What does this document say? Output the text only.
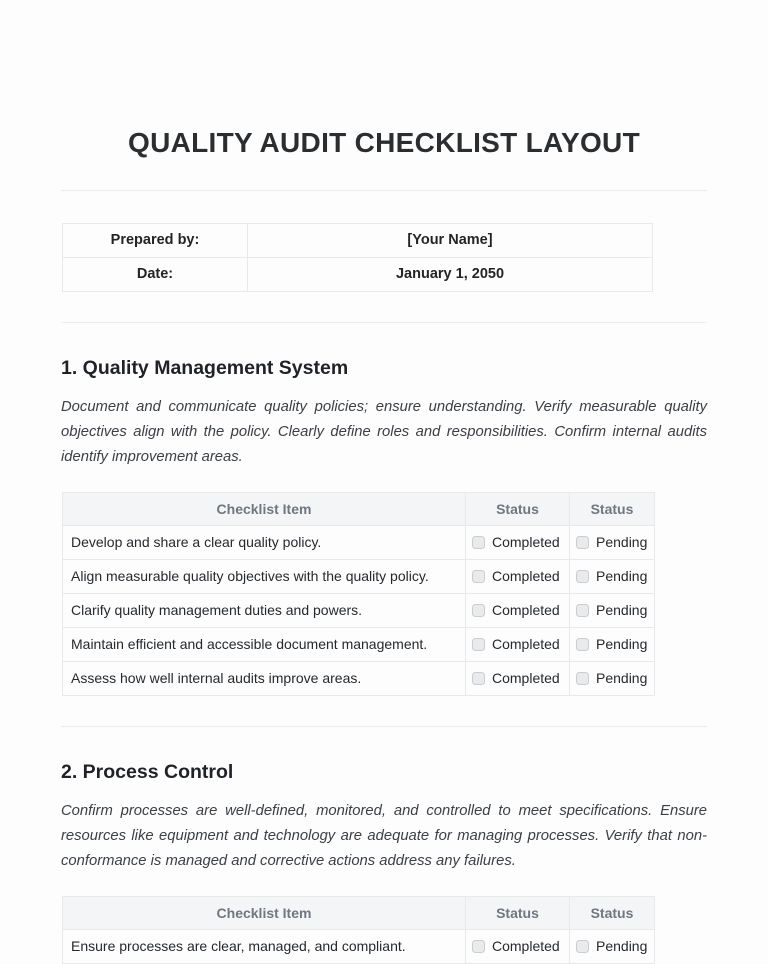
QUALITY AUDIT CHECKLIST LAYOUT
Prepared by:	[Your Name]
Date:	January 1, 2050
1. Quality Management System

Document and communicate quality policies; ensure understanding. Verify measurable quality objectives align with the policy. Clearly define roles and responsibilities. Confirm internal audits identify improvement areas.

Checklist Item	Status	Status
Develop and share a clear quality policy.	Completed	Pending
Align measurable quality objectives with the quality policy.	Completed	Pending
Clarify quality management duties and powers.	Completed	Pending
Maintain efficient and accessible document management.	Completed	Pending
Assess how well internal audits improve areas.	Completed	Pending
2. Process Control

Confirm processes are well-defined, monitored, and controlled to meet specifications. Ensure resources like equipment and technology are adequate for managing processes. Verify that non-conformance is managed and corrective actions address any failures.

Checklist Item	Status	Status
Ensure processes are clear, managed, and compliant.	Completed	Pending
